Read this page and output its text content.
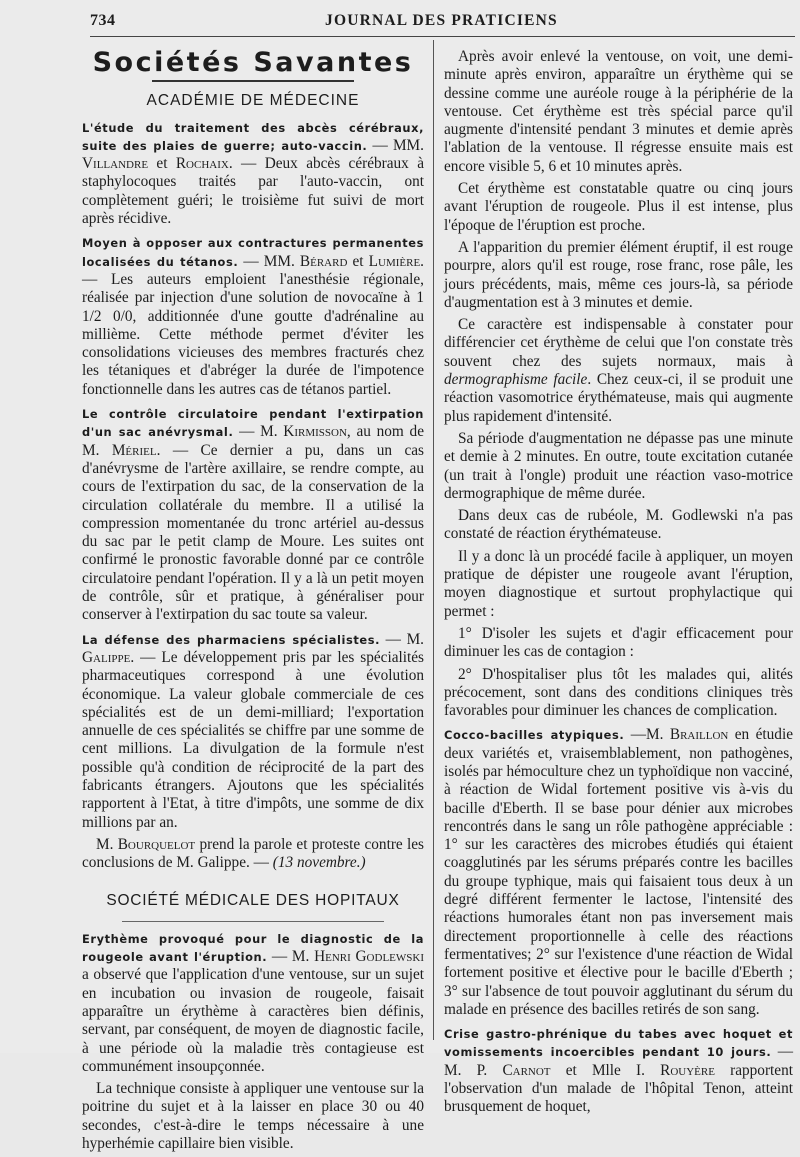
734	JOURNAL DES PRATICIENS
Sociétés Savantes
ACADÉMIE DE MÉDECINE

L'étude du traitement des abcès cérébraux, suite des plaies de guerre; auto-vaccin. — MM. Villandre et Rochaix. — Deux abcès cérébraux à staphylocoques traités par l'auto-vaccin, ont complètement guéri; le troisième fut suivi de mort après récidive.

Moyen à opposer aux contractures permanentes localisées du tétanos. — MM. Bérard et Lumière. — Les auteurs emploient l'anesthésie régionale, réalisée par injection d'une solution de novocaïne à 1 1/2 0/0, additionnée d'une goutte d'adrénaline au millième. Cette méthode permet d'éviter les consolidations vicieuses des membres fracturés chez les tétaniques et d'abréger la durée de l'impotence fonctionnelle dans les autres cas de tétanos partiel.

Le contrôle circulatoire pendant l'extirpation d'un sac anévrysmal. — M. Kirmisson, au nom de M. Mériel. — Ce dernier a pu, dans un cas d'anévrysme de l'artère axillaire, se rendre compte, au cours de l'extirpation du sac, de la conservation de la circulation collatérale du membre. Il a utilisé la compression momentanée du tronc artériel au-dessus du sac par le petit clamp de Moure. Les suites ont confirmé le pronostic favorable donné par ce contrôle circulatoire pendant l'opération. Il y a là un petit moyen de contrôle, sûr et pratique, à généraliser pour conserver à l'extirpation du sac toute sa valeur.

La défense des pharmaciens spécialistes. — M. Galippe. — Le développement pris par les spécialités pharmaceutiques correspond à une évolution économique. La valeur globale commerciale de ces spécialités est de un demi-milliard; l'exportation annuelle de ces spécialités se chiffre par une somme de cent millions. La divulgation de la formule n'est possible qu'à condition de réciprocité de la part des fabricants étrangers. Ajoutons que les spécialités rapportent à l'Etat, à titre d'impôts, une somme de dix millions par an.

M. Bourquelot prend la parole et proteste contre les conclusions de M. Galippe. — (13 novembre.)

SOCIÉTÉ MÉDICALE DES HOPITAUX

Erythème provoqué pour le diagnostic de la rougeole avant l'éruption. — M. Henri Godlewski a observé que l'application d'une ventouse, sur un sujet en incubation ou invasion de rougeole, faisait apparaître un érythème à caractères bien définis, servant, par conséquent, de moyen de diagnostic facile, à une période où la maladie très contagieuse est communément insoupçonnée.

La technique consiste à appliquer une ventouse sur la poitrine du sujet et à la laisser en place 30 ou 40 secondes, c'est-à-dire le temps nécessaire à une hyperhémie capillaire bien visible.

Après avoir enlevé la ventouse, on voit, une demi-minute après environ, apparaître un érythème qui se dessine comme une auréole rouge à la périphérie de la ventouse. Cet érythème est très spécial parce qu'il augmente d'intensité pendant 3 minutes et demie après l'ablation de la ventouse. Il régresse ensuite mais est encore visible 5, 6 et 10 minutes après.

Cet érythème est constatable quatre ou cinq jours avant l'éruption de rougeole. Plus il est intense, plus l'époque de l'éruption est proche.

A l'apparition du premier élément éruptif, il est rouge pourpre, alors qu'il est rouge, rose franc, rose pâle, les jours précédents, mais, même ces jours-là, sa période d'augmentation est à 3 minutes et demie.

Ce caractère est indispensable à constater pour différencier cet érythème de celui que l'on constate très souvent chez des sujets normaux, mais à dermographisme facile. Chez ceux-ci, il se produit une réaction vasomotrice érythémateuse, mais qui augmente plus rapidement d'intensité.

Sa période d'augmentation ne dépasse pas une minute et demie à 2 minutes. En outre, toute excitation cutanée (un trait à l'ongle) produit une réaction vaso-motrice dermographique de même durée.

Dans deux cas de rubéole, M. Godlewski n'a pas constaté de réaction érythémateuse.

Il y a donc là un procédé facile à appliquer, un moyen pratique de dépister une rougeole avant l'éruption, moyen diagnostique et surtout prophylactique qui permet :

1° D'isoler les sujets et d'agir efficacement pour diminuer les cas de contagion :

2° D'hospitaliser plus tôt les malades qui, alités précocement, sont dans des conditions cliniques très favorables pour diminuer les chances de complication.

Cocco-bacilles atypiques. —M. Braillon en étudie deux variétés et, vraisemblablement, non pathogènes, isolés par hémoculture chez un typhoïdique non vacciné, à réaction de Widal fortement positive vis à-vis du bacille d'Eberth. Il se base pour dénier aux microbes rencontrés dans le sang un rôle pathogène appréciable : 1° sur les caractères des microbes étudiés qui étaient coagglutinés par les sérums préparés contre les bacilles du groupe typhique, mais qui faisaient tous deux à un degré différent fermenter le lactose, l'intensité des réactions humorales étant non pas inversement mais directement proportionnelle à celle des réactions fermentatives; 2° sur l'existence d'une réaction de Widal fortement positive et élective pour le bacille d'Eberth ; 3° sur l'absence de tout pouvoir agglutinant du sérum du malade en présence des bacilles retirés de son sang.

Crise gastro-phrénique du tabes avec hoquet et vomissements incoercibles pendant 10 jours. — M. P. Carnot et Mlle I. Rouyère rapportent l'observation d'un malade de l'hôpital Tenon, atteint brusquement de hoquet,
